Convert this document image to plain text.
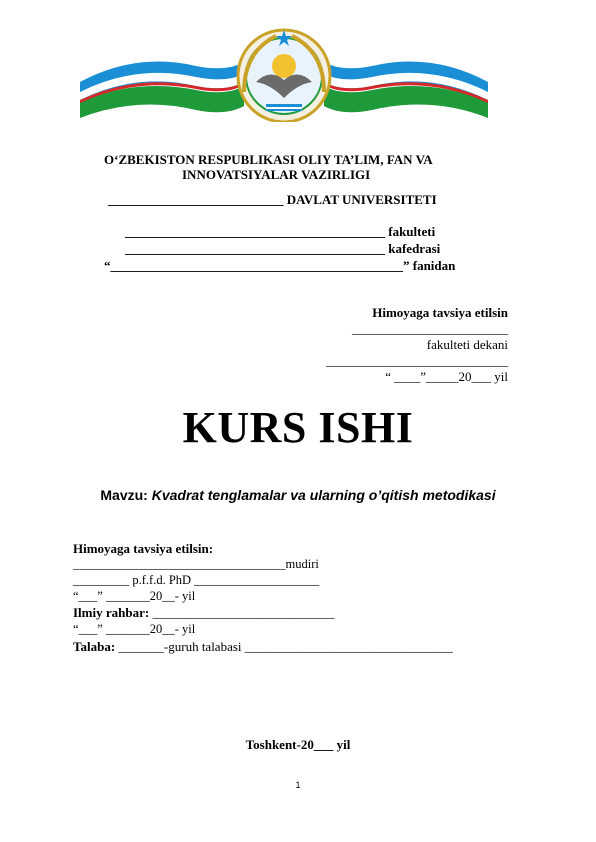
O‘ZBEKISTON RESPUBLIKASI OLIY TA’LIM, FAN VA
INNOVATSIYALAR VAZIRLIGI
___________________________ DAVLAT UNIVERSITETI
________________________________________ fakulteti
________________________________________ kafedrasi
“_____________________________________________” fanidan
Himoyaga tavsiya etilsin
________________________
fakulteti dekani
____________________________
“ ____”_____20___ yil
KURS ISHI
Mavzu: Kvadrat tenglamalar va ularning o’qitish metodikasi
Himoyaga tavsiya etilsin:
__________________________________mudiri
_________ p.f.f.d. PhD ____________________
“___” _______20__- yil
Ilmiy rahbar: ____________________________
“___” _______20__- yil
Talaba: _______-guruh talabasi ________________________________
Toshkent-20___ yil
1
